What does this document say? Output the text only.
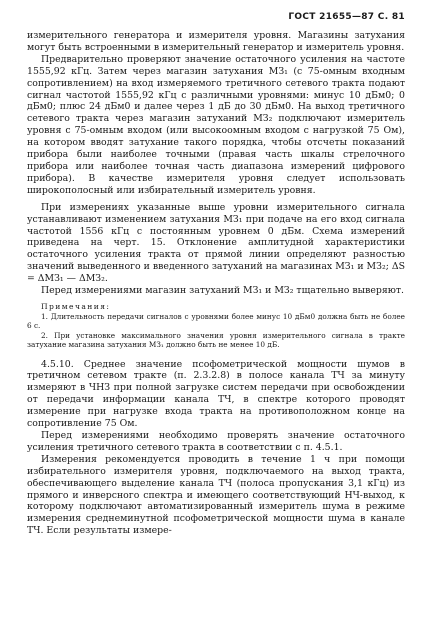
ГОСТ 21655—87 С. 81

измерительного генератора и измерителя уровня. Магазины затухания могут быть встроенными в измерительный генератор и измеритель уровня.

Предварительно проверяют значение остаточного усиления на частоте 1555,92 кГц. Затем через магазин затухания МЗ₁ (с 75-омным входным сопротивлением) на вход измеряемого третичного сетевого тракта подают сигнал частотой 1555,92 кГц с различными уровнями: минус 10 дБм0; 0 дБм0; плюс 24 дБм0 и далее через 1 дБ до 30 дБм0. На выход третичного сетевого тракта через магазин затуханий МЗ₂ подключают измеритель уровня с 75-омным входом (или высокоомным входом с нагрузкой 75 Ом), на котором вводят затухание такого порядка, чтобы отсчеты показаний прибора были наиболее точными (правая часть шкалы стрелочного прибора или наиболее точная часть диапазона измерений цифрового прибора). В качестве измерителя уровня следует использовать широкополосный или избирательный измеритель уровня.

При измерениях указанные выше уровни измерительного сигнала устанавливают изменением затухания МЗ₁ при подаче на его вход сигнала частотой 1556 кГц с постоянным уровнем 0 дБм. Схема измерений приведена на черт. 15. Отклонение амплитудной характеристики остаточного усиления тракта от прямой линии определяют разностью значений выведенного и введенного затуханий на магазинах МЗ₁ и МЗ₂; ΔS = ΔМЗ₁ — ΔМЗ₂.

Перед измерениями магазин затуханий МЗ₁ и МЗ₂ тщательно выверяют.

Примечания:

1. Длительность передачи сигналов с уровнями более минус 10 дБм0 должна быть не более 6 с.

2. При установке максимального значения уровня измерительного сигнала в тракте затухание магазина затухания МЗ₁ должно быть не менее 10 дБ.

4.5.10. Среднее значение псофометрической мощности шумов в третичном сетевом тракте (п. 2.3.2.8) в полосе канала ТЧ за минуту измеряют в ЧНЗ при полной загрузке систем передачи при освобождении от передачи информации канала ТЧ, в спектре которого проводят измерение при нагрузке входа тракта на противоположном конце на сопротивление 75 Ом.

Перед измерениями необходимо проверять значение остаточного усиления третичного сетевого тракта в соответствии с п. 4.5.1.

Измерения рекомендуется проводить в течение 1 ч при помощи избирательного измерителя уровня, подключаемого на выход тракта, обеспечивающего выделение канала ТЧ (полоса пропускания 3,1 кГц) из прямого и инверсного спектра и имеющего соответствующий НЧ-выход, к которому подключают автоматизированный измеритель шума в режиме измерения среднеминутной псофометрической мощности шума в канале ТЧ. Если результаты измере-
